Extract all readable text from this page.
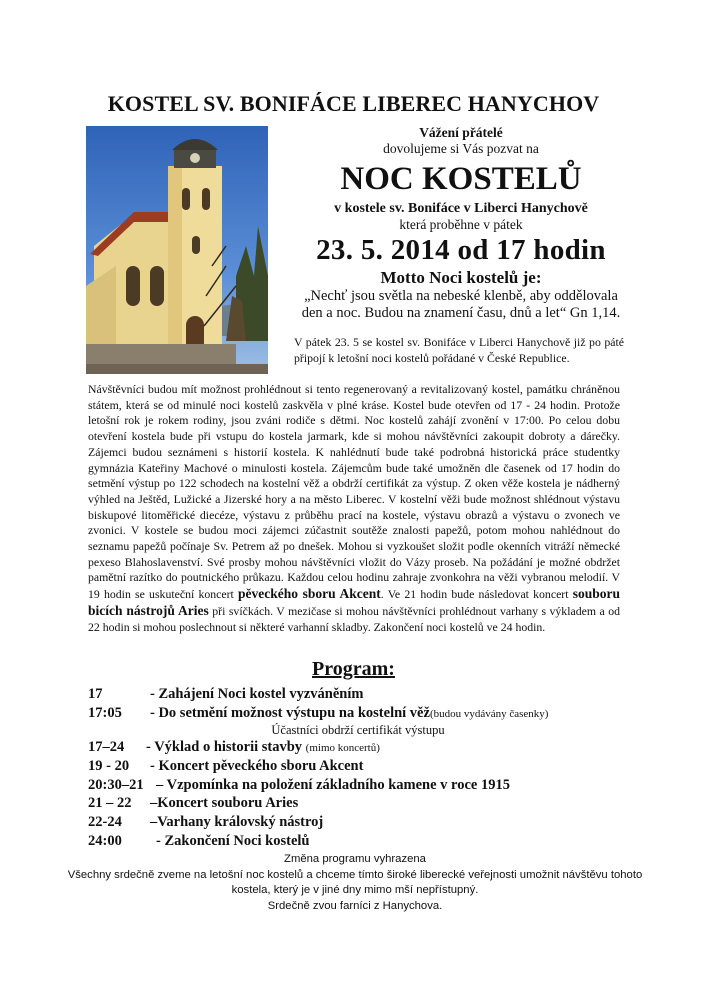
KOSTEL SV. BONIFÁCE LIBEREC HANYCHOV
Vážení přátelé
dovolujeme si Vás pozvat na
NOC KOSTELŮ
v kostele sv. Bonifáce v Liberci Hanychově
která proběhne v pátek
23. 5. 2014 od 17 hodin
Motto Noci kostelů je:
„Nechť jsou světla na nebeské klenbě, aby oddělovala den a noc. Budou na znamení času, dnů a let“ Gn 1,14.
V pátek 23. 5 se kostel sv. Bonifáce v Liberci Hanychově již po páté připojí k letošní noci kostelů pořádané v České Republice.
Návštěvníci budou mít možnost prohlédnout si tento regenerovaný a revitalizovaný kostel, památku chráněnou státem, která se od minulé noci kostelů zaskvěla v plné kráse. Kostel bude otevřen od 17 - 24 hodin. Protože letošní rok je rokem rodiny, jsou zváni rodiče s dětmi. Noc kostelů zahájí zvonění v 17:00. Po celou dobu otevření kostela bude při vstupu do kostela jarmark, kde si mohou návštěvníci zakoupit dobroty a dárečky. Zájemci budou seznámeni s historií kostela. K nahlédnutí bude také podrobná historická práce studentky gymnázia Kateřiny Machové o minulosti kostela. Zájemcům bude také umožněn dle časenek od 17 hodin do setmění výstup po 122 schodech na kostelní věž a obdrží certifikát za výstup. Z oken věže kostela je nádherný výhled na Ještěd, Lužické a Jizerské hory a na město Liberec. V kostelní věži bude možnost shlédnout výstavu biskupové litoměřické diecéze, výstavu z průběhu prací na kostele, výstavu obrazů a výstavu o zvonech ve zvonici. V kostele se budou moci zájemci zúčastnit soutěže znalosti papežů, potom mohou nahlédnout do seznamu papežů počínaje Sv. Petrem až po dnešek. Mohou si vyzkoušet složit podle okenních vitráží německé pexeso Blahoslavenství. Své prosby mohou návštěvníci vložit do Vázy proseb. Na požádání je možné obdržet pamětní razítko do poutnického průkazu. Každou celou hodinu zahraje zvonkohra na věži vybranou melodií. V 19 hodin se uskuteční koncert pěveckého sboru Akcent. Ve 21 hodin bude následovat koncert souboru bicích nástrojů Aries při svíčkách. V mezičase si mohou návštěvníci prohlédnout varhany s výkladem a od 22 hodin si mohou poslechnout si některé varhanní skladby. Zakončení noci kostelů ve 24 hodin.
Program:
17	- Zahájení Noci kostel vyzváněním
17:05 - Do setmění možnost výstupu na kostelní věž(budou vydávány časenky)
Účastníci obdrží certifikát výstupu
17–24 - Výklad o historii stavby (mimo koncertů)
19 - 20 - Koncert pěveckého sboru Akcent
20:30–21 – Vzpomínka na položení základního kamene v roce 1915
21 – 22 –Koncert souboru Aries
22-24 –Varhany královský nástroj
24:00 - Zakončení Noci kostelů
Změna programu vyhrazena
Všechny srdečně zveme na letošní noc kostelů a chceme tímto široké liberecké veřejnosti umožnit návštěvu tohoto kostela, který je v jiné dny mimo mší nepřístupný.
Srdečně zvou farníci z Hanychova.
